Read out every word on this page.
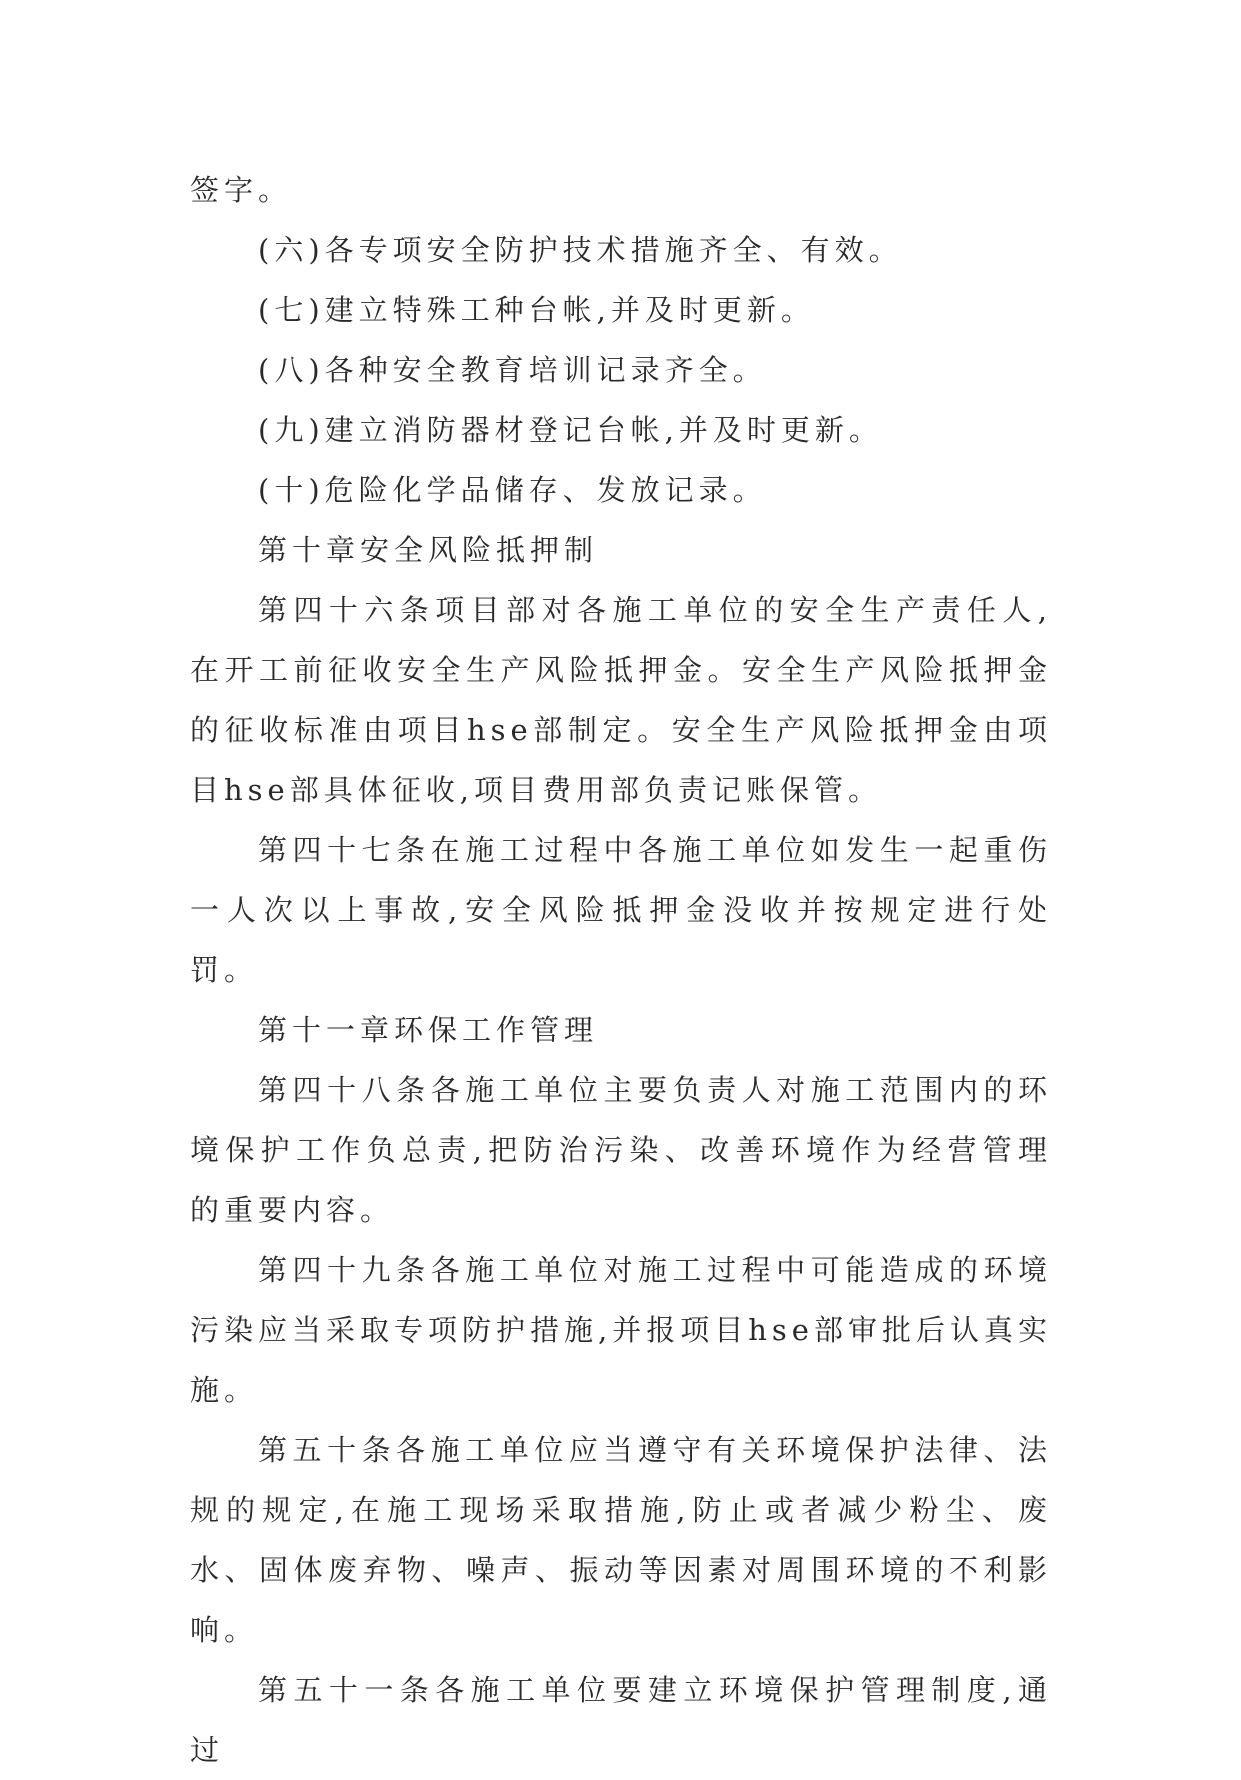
签字。

(六)各专项安全防护技术措施齐全、有效。

(七)建立特殊工种台帐,并及时更新。

(八)各种安全教育培训记录齐全。

(九)建立消防器材登记台帐,并及时更新。

(十)危险化学品储存、发放记录。

第十章安全风险抵押制

第四十六条项目部对各施工单位的安全生产责任人,在开工前征收安全生产风险抵押金。安全生产风险抵押金的征收标准由项目hse部制定。安全生产风险抵押金由项目hse部具体征收,项目费用部负责记账保管。

第四十七条在施工过程中各施工单位如发生一起重伤一人次以上事故,安全风险抵押金没收并按规定进行处罚。

第十一章环保工作管理

第四十八条各施工单位主要负责人对施工范围内的环境保护工作负总责,把防治污染、改善环境作为经营管理的重要内容。

第四十九条各施工单位对施工过程中可能造成的环境污染应当采取专项防护措施,并报项目hse部审批后认真实施。

第五十条各施工单位应当遵守有关环境保护法律、法规的规定,在施工现场采取措施,防止或者减少粉尘、废水、固体废弃物、噪声、振动等因素对周围环境的不利影响。

第五十一条各施工单位要建立环境保护管理制度,通过
